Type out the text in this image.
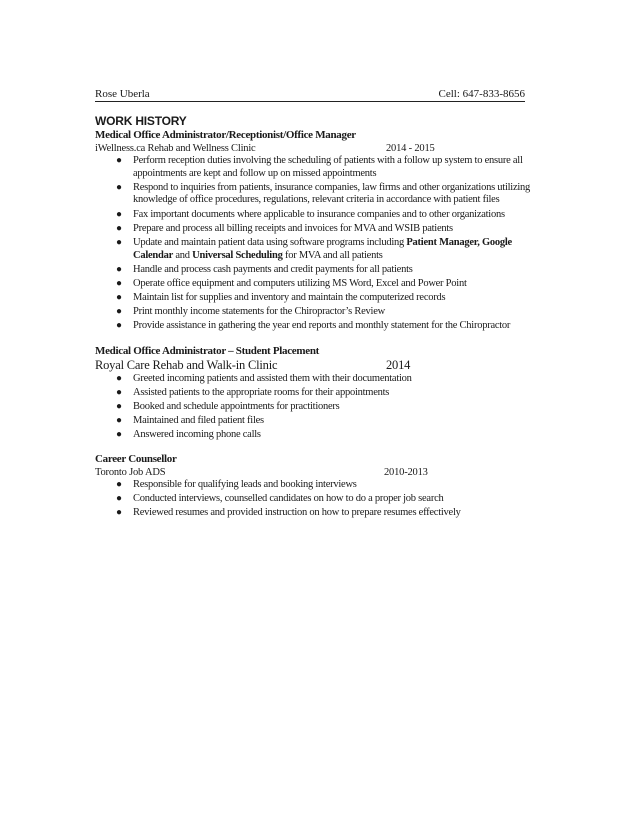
Rose Uberla	Cell: 647-833-8656
WORK HISTORY
Medical Office Administrator/Receptionist/Office Manager
iWellness.ca Rehab and Wellness Clinic	2014 - 2015
● Perform reception duties involving the scheduling of patients with a follow up system to ensure all appointments are kept and follow up on missed appointments
● Respond to inquiries from patients, insurance companies, law firms and other organizations utilizing knowledge of office procedures, regulations, relevant criteria in accordance with patient files
● Fax important documents where applicable to insurance companies and to other organizations
● Prepare and process all billing receipts and invoices for MVA and WSIB patients
● Update and maintain patient data using software programs including Patient Manager, Google Calendar and Universal Scheduling for MVA and all patients
● Handle and process cash payments and credit payments for all patients
● Operate office equipment and computers utilizing MS Word, Excel and Power Point
● Maintain list for supplies and inventory and maintain the computerized records
● Print monthly income statements for the Chiropractor’s Review
● Provide assistance in gathering the year end reports and monthly statement for the Chiropractor
Medical Office Administrator – Student Placement
Royal Care Rehab and Walk-in Clinic	2014
● Greeted incoming patients and assisted them with their documentation
● Assisted patients to the appropriate rooms for their appointments
● Booked and schedule appointments for practitioners
● Maintained and filed patient files
● Answered incoming phone calls
Career Counsellor
Toronto Job ADS	2010-2013
● Responsible for qualifying leads and booking interviews
● Conducted interviews, counselled candidates on how to do a proper job search
● Reviewed resumes and provided instruction on how to prepare resumes effectively
